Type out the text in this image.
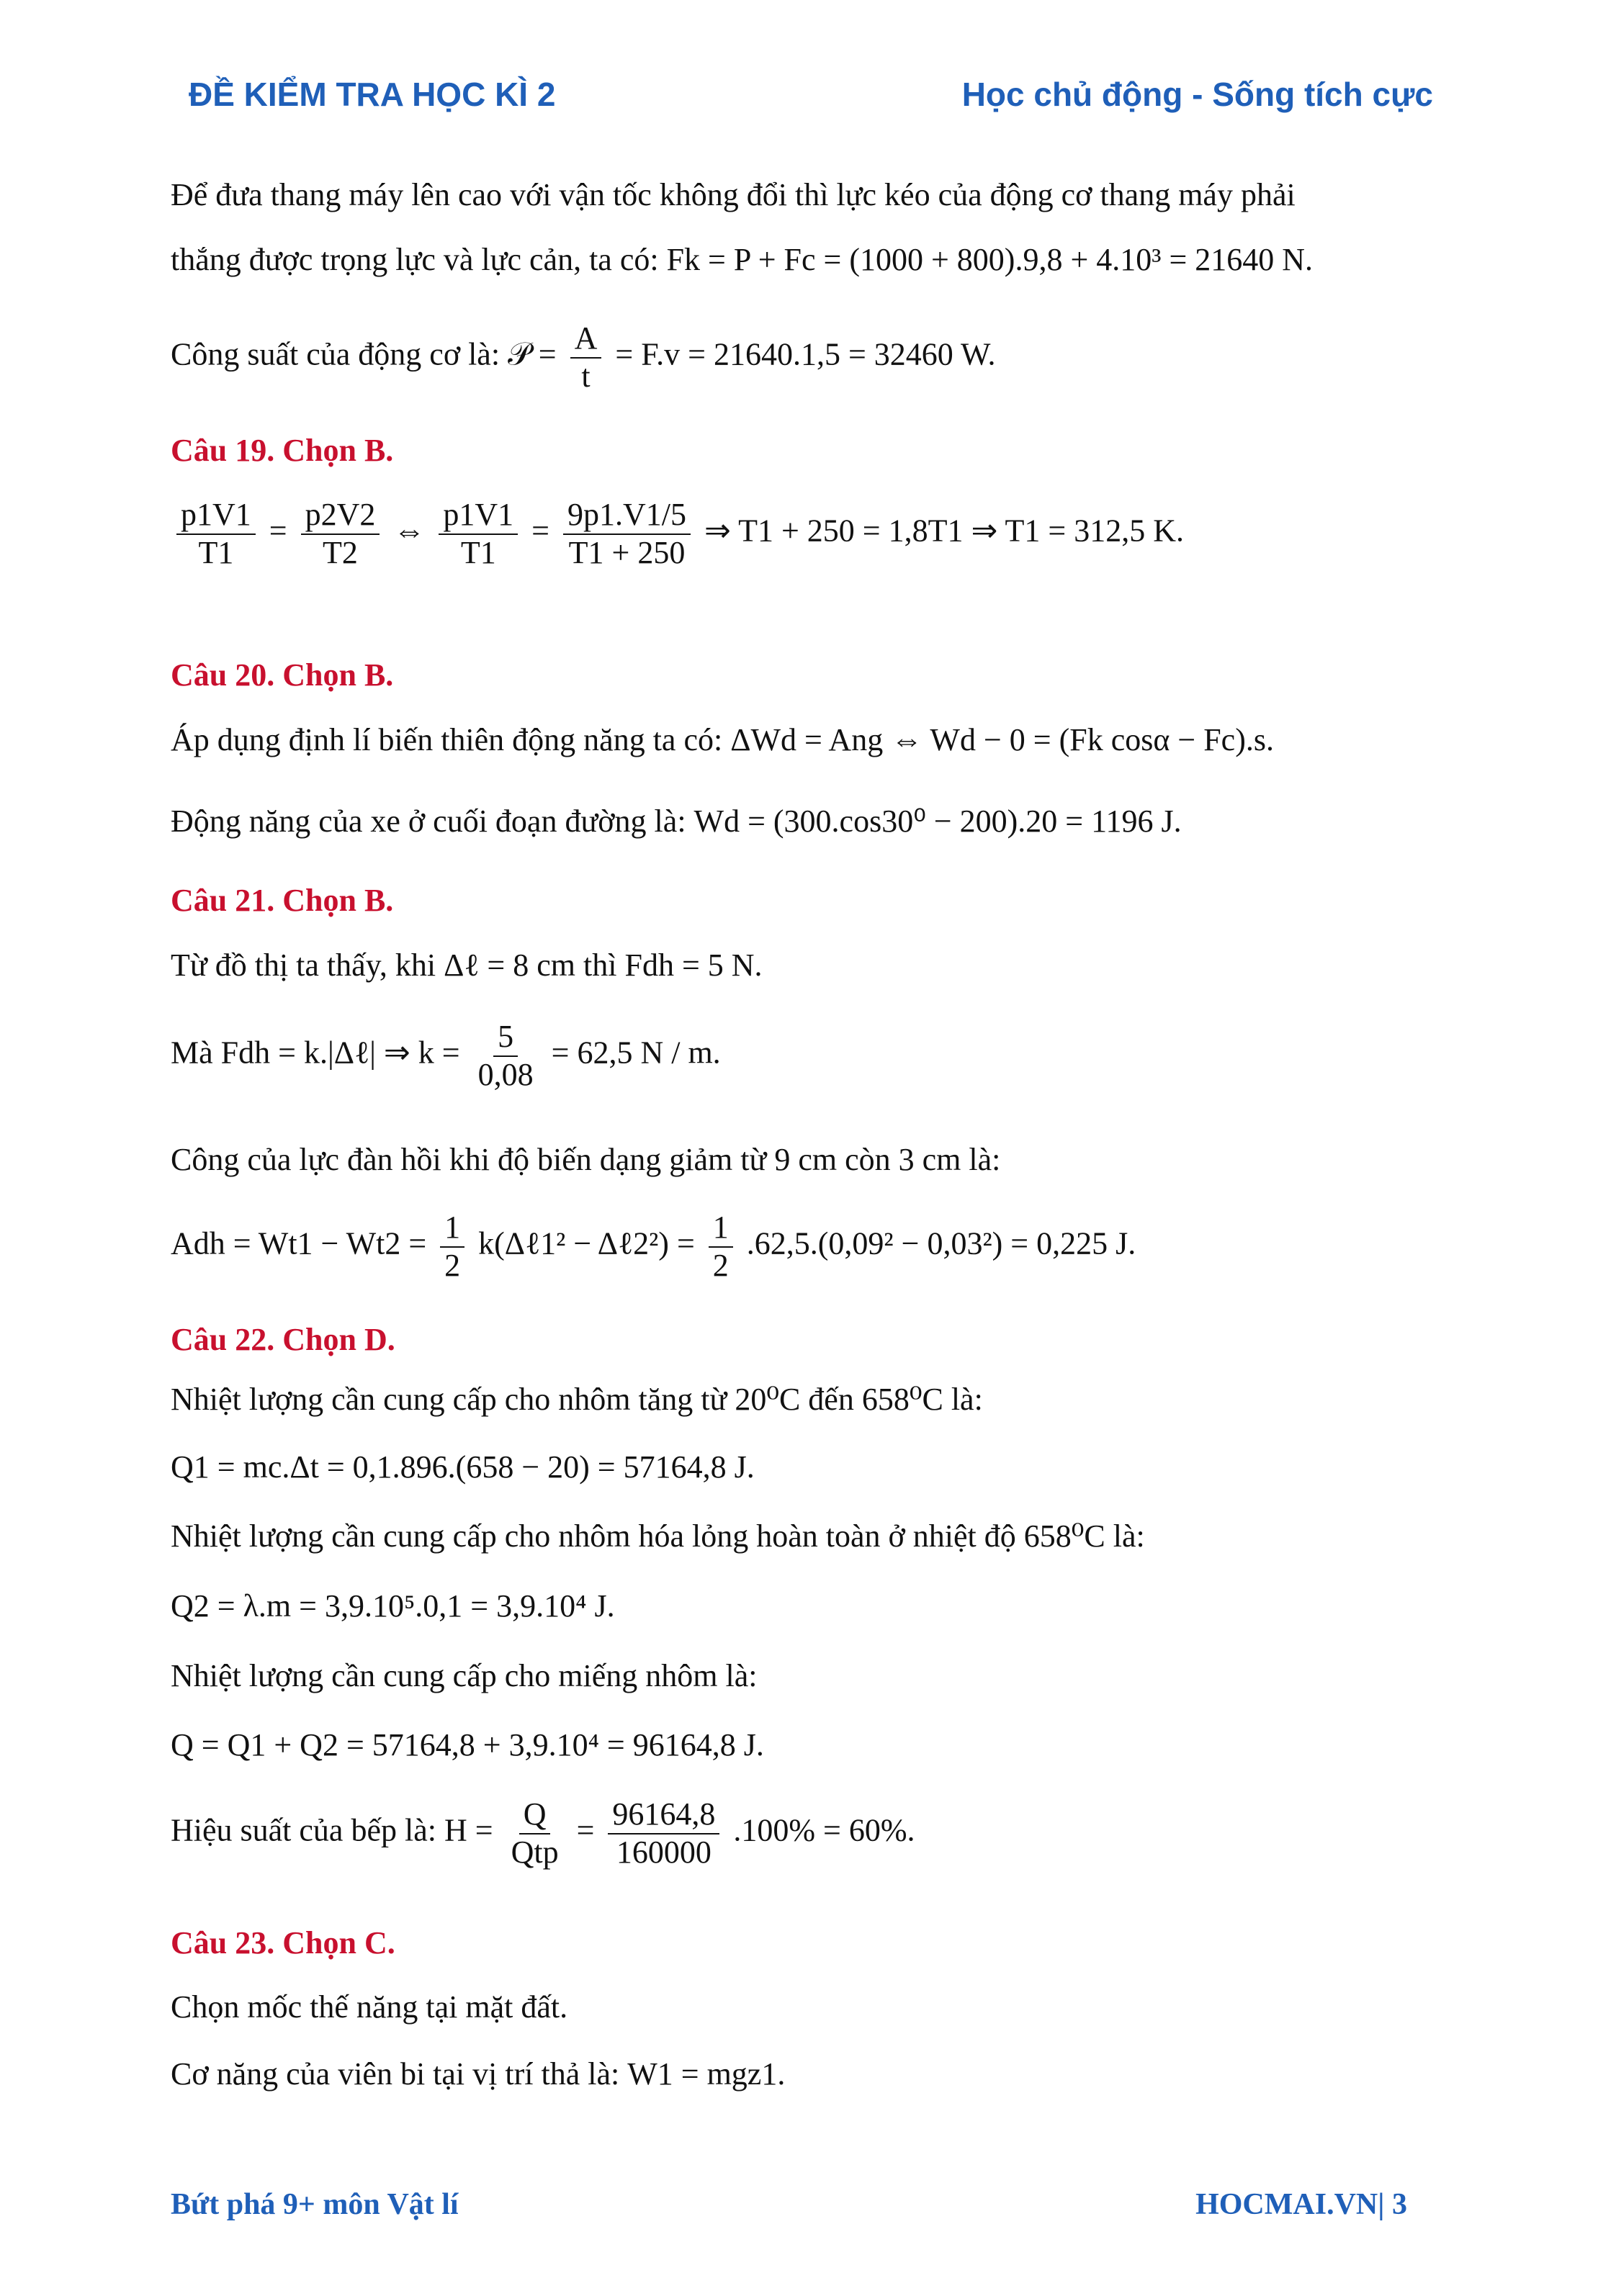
ĐỀ KIỂM TRA HỌC KÌ 2	Học chủ động - Sống tích cực
Để đưa thang máy lên cao với vận tốc không đổi thì lực kéo của động cơ thang máy phải
thắng được trọng lực và lực cản, ta có: Fk = P + Fc = (1000 + 800).9,8 + 4.10³ = 21640 N.
Công suất của động cơ là: 𝒫 = $\frac{A}{t} = F.v = 21640.1,5 = 32460$ W.
Câu 19. Chọn B.
$\frac{p1V1}{T1} = \frac{p2V2}{T2}$ ⇔ $\frac{p1V1}{T1} = \frac{9p1.V1/5}{T1 + 250}$ ⇒ T1 + 250 = 1,8T1 ⇒ T1 = 312,5 K.
Câu 20. Chọn B.
Áp dụng định lí biến thiên động năng ta có: ΔWd = Ang ⇔ Wd − 0 = (Fk cosα − Fc).s.
Động năng của xe ở cuối đoạn đường là: Wd = (300.cos30⁰ − 200).20 = 1196 J.
Câu 21. Chọn B.
Từ đồ thị ta thấy, khi Δℓ = 8 cm thì Fdh = 5 N.
Mà Fdh = k.|Δℓ| ⇒ $k = \frac{5}{0,08} = 62,5$ N / m.
Công của lực đàn hồi khi độ biến dạng giảm từ 9 cm còn 3 cm là:
Adh = $Wt1 - Wt2 = \frac{1}{2}$ k(Δℓ1² − Δℓ2²) = $\frac{1}{2} .62,5.(0,09^2 - 0,03^2) = 0,225$ J.
Câu 22. Chọn D.
Nhiệt lượng cần cung cấp cho nhôm tăng từ 20⁰C đến 658⁰C là:
Q1 = mc.Δt = 0,1.896.(658 − 20) = 57164,8 J.
Nhiệt lượng cần cung cấp cho nhôm hóa lỏng hoàn toàn ở nhiệt độ 658⁰C là:
Q2 = λ.m = 3,9.10⁵.0,1 = 3,9.10⁴ J.
Nhiệt lượng cần cung cấp cho miếng nhôm là:
Q = Q1 + Q2 = 57164,8 + 3,9.10⁴ = 96164,8 J.
Hiệu suất của bếp là: $H = \frac{Q}{\text{Qtp}} = \frac{96164,8}{160000} .100\% = 60\%$.
Câu 23. Chọn C.
Chọn mốc thế năng tại mặt đất.
Cơ năng của viên bi tại vị trí thả là: W1 = mgz1.
Bứt phá 9+ môn Vật lí	HOCMAI.VN| 3
